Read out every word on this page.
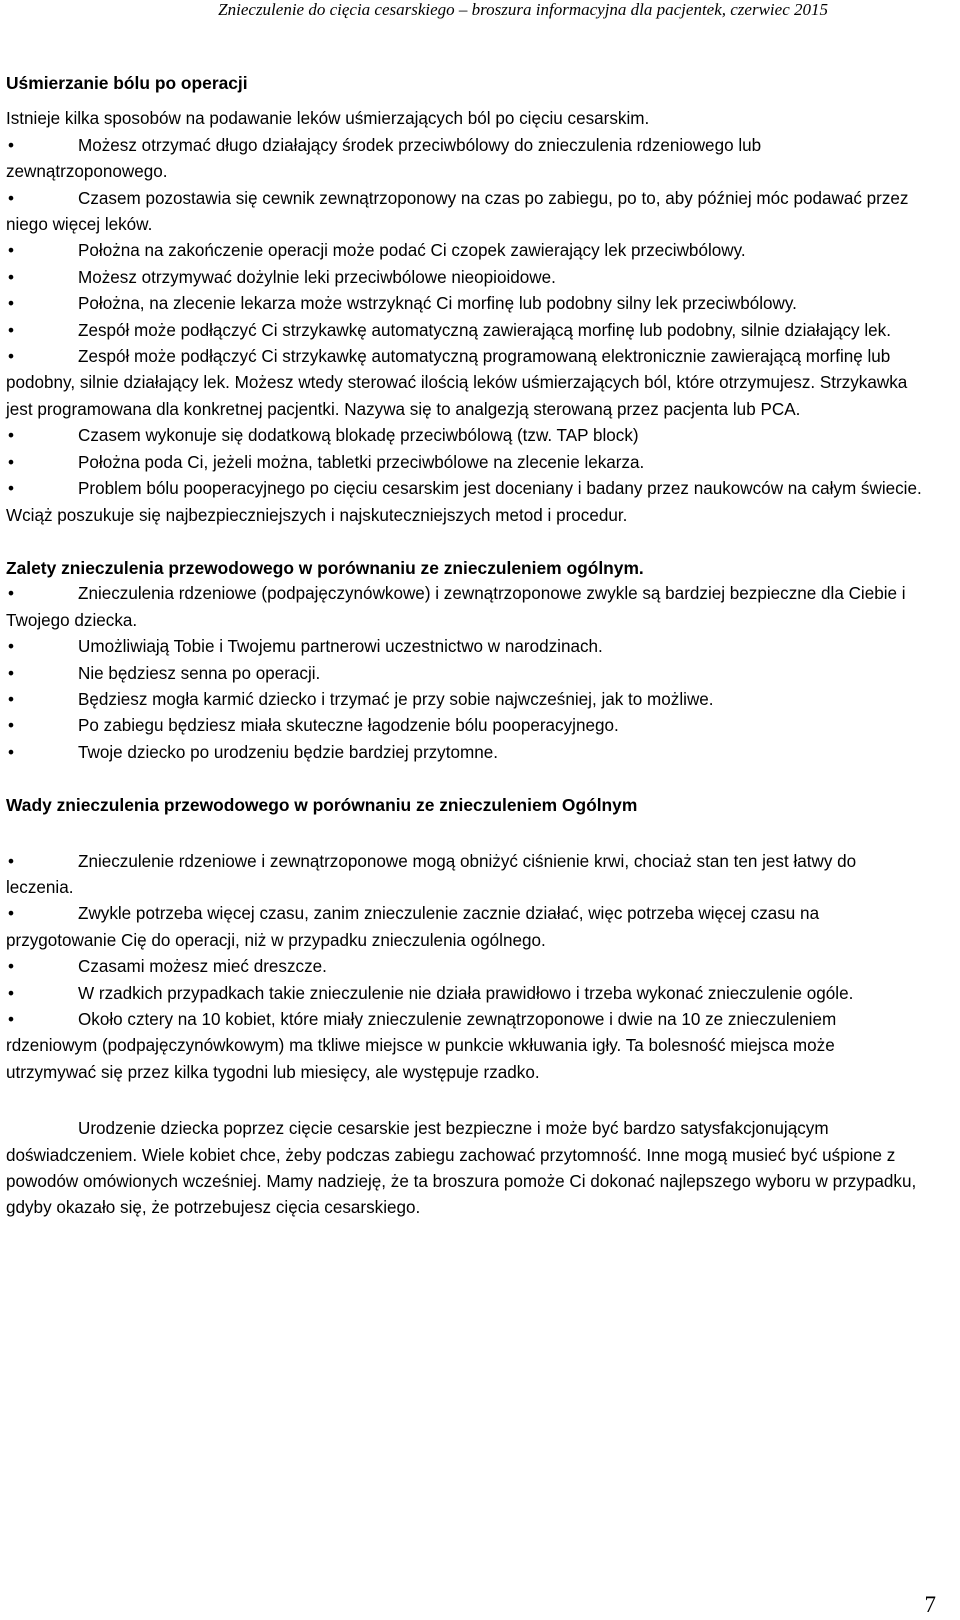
Znieczulenie do cięcia cesarskiego – broszura informacyjna dla pacjentek, czerwiec 2015
Uśmierzanie bólu po operacji

Istnieje kilka sposobów na podawanie leków uśmierzających ból po cięciu cesarskim.

•	Możesz otrzymać długo działający środek przeciwbólowy do znieczulenia rdzeniowego lub zewnątrzoponowego.

•	Czasem pozostawia się cewnik zewnątrzoponowy na czas po zabiegu, po to, aby później móc podawać przez niego więcej leków.

•	Położna na zakończenie operacji może podać Ci czopek zawierający lek przeciwbólowy.

•	Możesz otrzymywać dożylnie leki przeciwbólowe nieopioidowe.

•	Położna, na zlecenie lekarza może wstrzyknąć Ci morfinę lub podobny silny lek przeciwbólowy.

•	Zespół może podłączyć Ci strzykawkę automatyczną zawierającą morfinę lub podobny, silnie działający lek.

•	Zespół może podłączyć Ci strzykawkę automatyczną programowaną elektronicznie zawierającą morfinę lub podobny, silnie działający lek. Możesz wtedy sterować ilością leków uśmierzających ból, które otrzymujesz. Strzykawka jest programowana dla konkretnej pacjentki. Nazywa się to analgezją sterowaną przez pacjenta lub PCA.

•	Czasem wykonuje się dodatkową blokadę przeciwbólową (tzw. TAP block)

•	Położna poda Ci, jeżeli można, tabletki przeciwbólowe na zlecenie lekarza.

•	Problem bólu pooperacyjnego po cięciu cesarskim jest doceniany i badany przez naukowców na całym świecie. Wciąż poszukuje się najbezpieczniejszych i najskuteczniejszych metod i procedur.

Zalety znieczulenia przewodowego w porównaniu ze znieczuleniem ogólnym.

•	Znieczulenia rdzeniowe (podpajęczynówkowe) i zewnątrzoponowe zwykle są bardziej bezpieczne dla Ciebie i Twojego dziecka.

•	Umożliwiają Tobie i Twojemu partnerowi uczestnictwo w narodzinach.

•	Nie będziesz senna po operacji.

•	Będziesz mogła karmić dziecko i trzymać je przy sobie najwcześniej, jak to możliwe.

•	Po zabiegu będziesz miała skuteczne łagodzenie bólu pooperacyjnego.

•	Twoje dziecko po urodzeniu będzie bardziej przytomne.

Wady znieczulenia przewodowego w porównaniu ze znieczuleniem Ogólnym

•	Znieczulenie rdzeniowe i zewnątrzoponowe mogą obniżyć ciśnienie krwi, chociaż stan ten jest łatwy do leczenia.

•	Zwykle potrzeba więcej czasu, zanim znieczulenie zacznie działać, więc potrzeba więcej czasu na przygotowanie Cię do operacji, niż w przypadku znieczulenia ogólnego.

•	Czasami możesz mieć dreszcze.

•	W rzadkich przypadkach takie znieczulenie nie działa prawidłowo i trzeba wykonać znieczulenie ogóle.

•	Około cztery na 10 kobiet, które miały znieczulenie zewnątrzoponowe i dwie na 10 ze znieczuleniem rdzeniowym (podpajęczynówkowym) ma tkliwe miejsce w punkcie wkłuwania igły. Ta bolesność miejsca może utrzymywać się przez kilka tygodni lub miesięcy, ale występuje rzadko.

Urodzenie dziecka poprzez cięcie cesarskie jest bezpieczne i może być bardzo satysfakcjonującym doświadczeniem. Wiele kobiet chce, żeby podczas zabiegu zachować przytomność. Inne mogą musieć być uśpione z powodów omówionych wcześniej. Mamy nadzieję, że ta broszura pomoże Ci dokonać najlepszego wyboru w przypadku, gdyby okazało się, że potrzebujesz cięcia cesarskiego.

7
